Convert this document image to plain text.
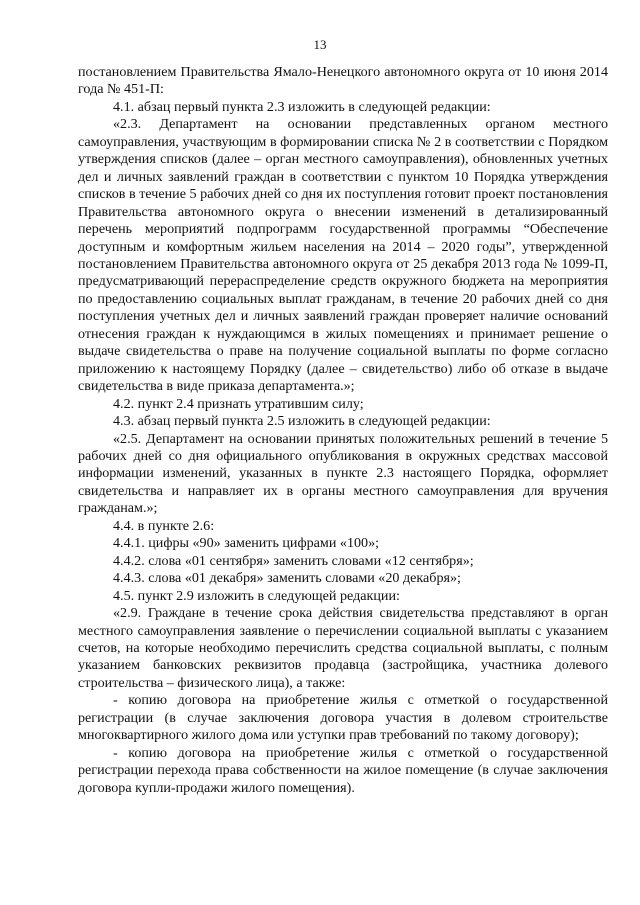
13

постановлением Правительства Ямало-Ненецкого автономного округа от 10 июня 2014 года № 451-П:

4.1. абзац первый пункта 2.3 изложить в следующей редакции:

«2.3. Департамент на основании представленных органом местного самоуправления, участвующим в формировании списка № 2 в соответствии с Порядком утверждения списков (далее – орган местного самоуправления), обновленных учетных дел и личных заявлений граждан в соответствии с пунктом 10 Порядка утверждения списков в течение 5 рабочих дней со дня их поступления готовит проект постановления Правительства автономного округа о внесении изменений в детализированный перечень мероприятий подпрограмм государственной программы “Обеспечение доступным и комфортным жильем населения на 2014 – 2020 годы”, утвержденной постановлением Правительства автономного округа от 25 декабря 2013 года № 1099-П, предусматривающий перераспределение средств окружного бюджета на мероприятия по предоставлению социальных выплат гражданам, в течение 20 рабочих дней со дня поступления учетных дел и личных заявлений граждан проверяет наличие оснований отнесения граждан к нуждающимся в жилых помещениях и принимает решение о выдаче свидетельства о праве на получение социальной выплаты по форме согласно приложению к настоящему Порядку (далее – свидетельство) либо об отказе в выдаче свидетельства в виде приказа департамента.»;

4.2. пункт 2.4 признать утратившим силу;

4.3. абзац первый пункта 2.5 изложить в следующей редакции:

«2.5. Департамент на основании принятых положительных решений в течение 5 рабочих дней со дня официального опубликования в окружных средствах массовой информации изменений, указанных в пункте 2.3 настоящего Порядка, оформляет свидетельства и направляет их в органы местного самоуправления для вручения гражданам.»;

4.4. в пункте 2.6:

4.4.1. цифры «90» заменить цифрами «100»;

4.4.2. слова «01 сентября» заменить словами «12 сентября»;

4.4.3. слова «01 декабря» заменить словами «20 декабря»;

4.5. пункт 2.9 изложить в следующей редакции:

«2.9. Граждане в течение срока действия свидетельства представляют в орган местного самоуправления заявление о перечислении социальной выплаты с указанием счетов, на которые необходимо перечислить средства социальной выплаты, с полным указанием банковских реквизитов продавца (застройщика, участника долевого строительства – физического лица), а также:

- копию договора на приобретение жилья с отметкой о государственной регистрации (в случае заключения договора участия в долевом строительстве многоквартирного жилого дома или уступки прав требований по такому договору);

- копию договора на приобретение жилья с отметкой о государственной регистрации перехода права собственности на жилое помещение (в случае заключения договора купли-продажи жилого помещения).
